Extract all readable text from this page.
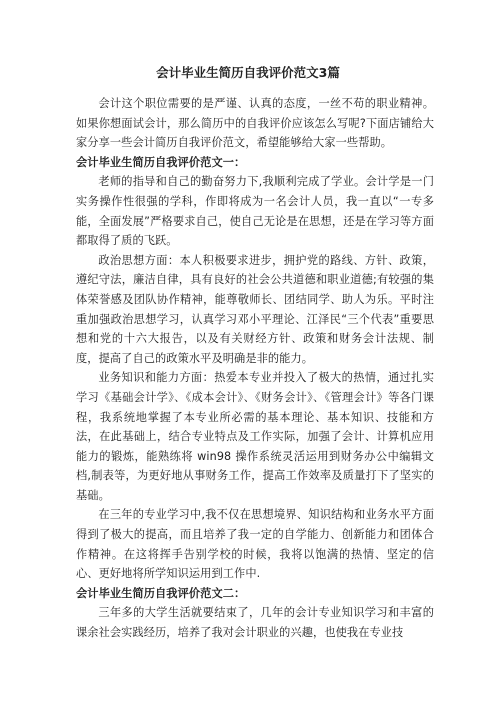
会计毕业生简历自我评价范文3篇

会计这个职位需要的是严谨、认真的态度，一丝不苟的职业精神。如果你想面试会计，那么简历中的自我评价应该怎么写呢?下面店铺给大家分享一些会计简历自我评价范文，希望能够给大家一些帮助。

会计毕业生简历自我评价范文一：

老师的指导和自己的勤奋努力下,我顺利完成了学业。会计学是一门实务操作性很强的学科，作即将成为一名会计人员，我一直以“一专多能，全面发展”严格要求自己，使自己无论是在思想，还是在学习等方面都取得了质的飞跃。

政治思想方面：本人积极要求进步，拥护党的路线、方针、政策，遵纪守法，廉洁自律，具有良好的社会公共道德和职业道德;有较强的集体荣誉感及团队协作精神，能尊敬师长、团结同学、助人为乐。平时注重加强政治思想学习，认真学习邓小平理论、江泽民“三个代表”重要思想和党的十六大报告，以及有关财经方针、政策和财务会计法规、制度，提高了自己的政策水平及明确是非的能力。

业务知识和能力方面：热爱本专业并投入了极大的热情，通过扎实学习《基础会计学》、《成本会计》、《财务会计》、《管理会计》等各门课程，我系统地掌握了本专业所必需的基本理论、基本知识、技能和方法，在此基础上，结合专业特点及工作实际，加强了会计、计算机应用能力的锻炼，能熟练将 win98 操作系统灵活运用到财务办公中编辑文档,制表等，为更好地从事财务工作，提高工作效率及质量打下了坚实的基础。

在三年的专业学习中,我不仅在思想境界、知识结构和业务水平方面得到了极大的提高，而且培养了我一定的自学能力、创新能力和团体合作精神。在这将挥手告别学校的时候，我将以饱满的热情、坚定的信心、更好地将所学知识运用到工作中.

会计毕业生简历自我评价范文二：

三年多的大学生活就要结束了，几年的会计专业知识学习和丰富的课余社会实践经历，培养了我对会计职业的兴趣，也使我在专业技
